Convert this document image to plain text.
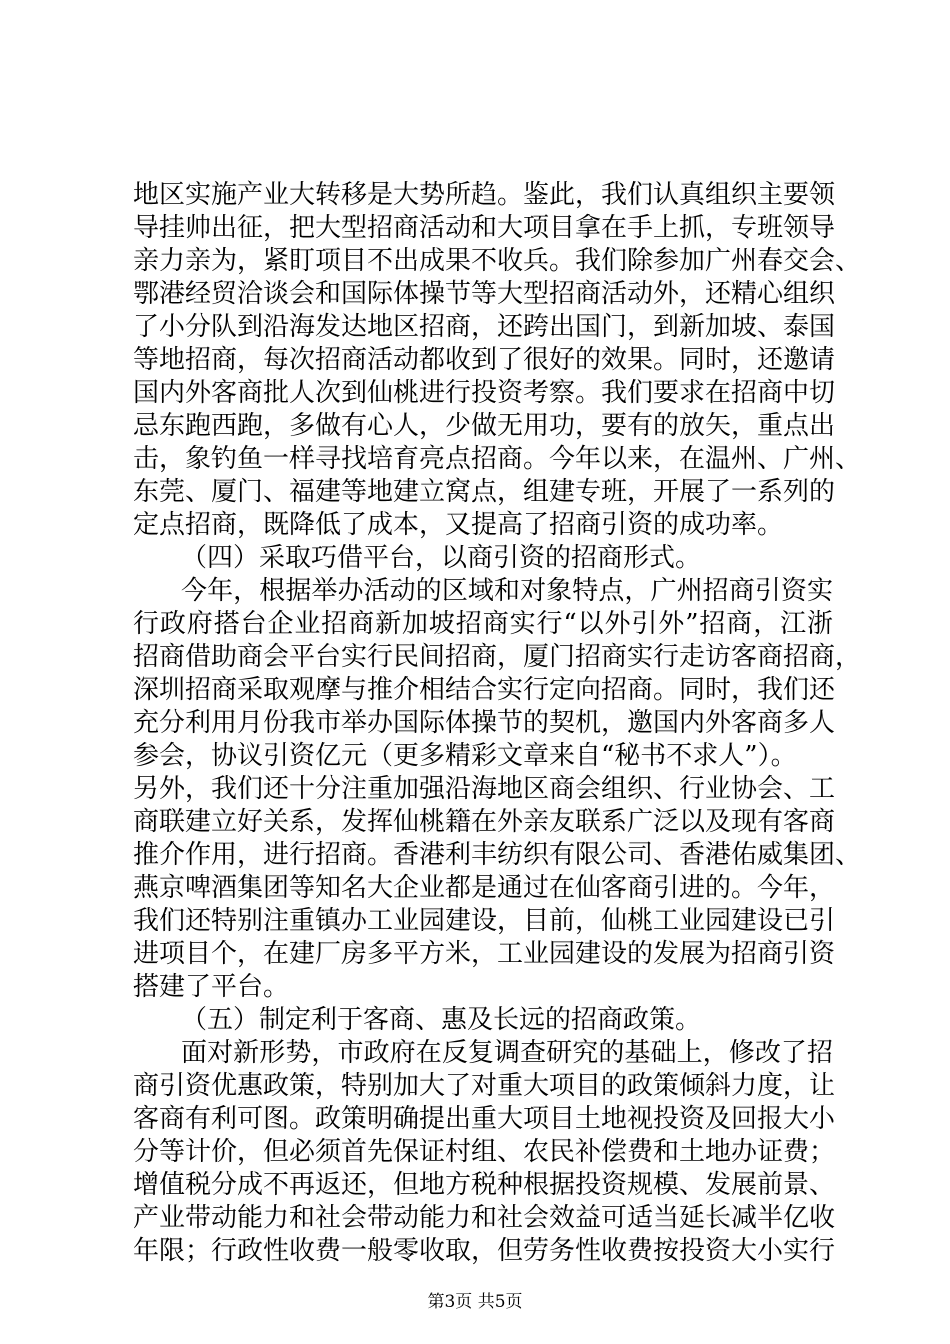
地区实施产业大转移是大势所趋。鉴此，我们认真组织主要领
导挂帅出征，把大型招商活动和大项目拿在手上抓，专班领导
亲力亲为，紧盯项目不出成果不收兵。我们除参加广州春交会、
鄂港经贸洽谈会和国际体操节等大型招商活动外，还精心组织
了小分队到沿海发达地区招商，还跨出国门，到新加坡、泰国
等地招商，每次招商活动都收到了很好的效果。同时，还邀请
国内外客商批人次到仙桃进行投资考察。我们要求在招商中切
忌东跑西跑，多做有心人，少做无用功，要有的放矢，重点出
击，象钓鱼一样寻找培育亮点招商。今年以来，在温州、广州、
东莞、厦门、福建等地建立窝点，组建专班，开展了一系列的
定点招商，既降低了成本，又提高了招商引资的成功率。
（四）采取巧借平台，以商引资的招商形式。
今年，根据举办活动的区域和对象特点，广州招商引资实
行政府搭台企业招商新加坡招商实行“以外引外”招商，江浙
招商借助商会平台实行民间招商，厦门招商实行走访客商招商，
深圳招商采取观摩与推介相结合实行定向招商。同时，我们还
充分利用月份我市举办国际体操节的契机，邀国内外客商多人
参会，协议引资亿元（更多精彩文章来自“秘书不求人”）。
另外，我们还十分注重加强沿海地区商会组织、行业协会、工
商联建立好关系，发挥仙桃籍在外亲友联系广泛以及现有客商
推介作用，进行招商。香港利丰纺织有限公司、香港佑威集团、
燕京啤酒集团等知名大企业都是通过在仙客商引进的。今年，
我们还特别注重镇办工业园建设，目前，仙桃工业园建设已引
进项目个，在建厂房多平方米，工业园建设的发展为招商引资
搭建了平台。
（五）制定利于客商、惠及长远的招商政策。
面对新形势，市政府在反复调查研究的基础上，修改了招
商引资优惠政策，特别加大了对重大项目的政策倾斜力度，让
客商有利可图。政策明确提出重大项目土地视投资及回报大小
分等计价，但必须首先保证村组、农民补偿费和土地办证费；
增值税分成不再返还，但地方税种根据投资规模、发展前景、
产业带动能力和社会带动能力和社会效益可适当延长减半亿收
年限；行政性收费一般零收取，但劳务性收费按投资大小实行
第3页 共5页
